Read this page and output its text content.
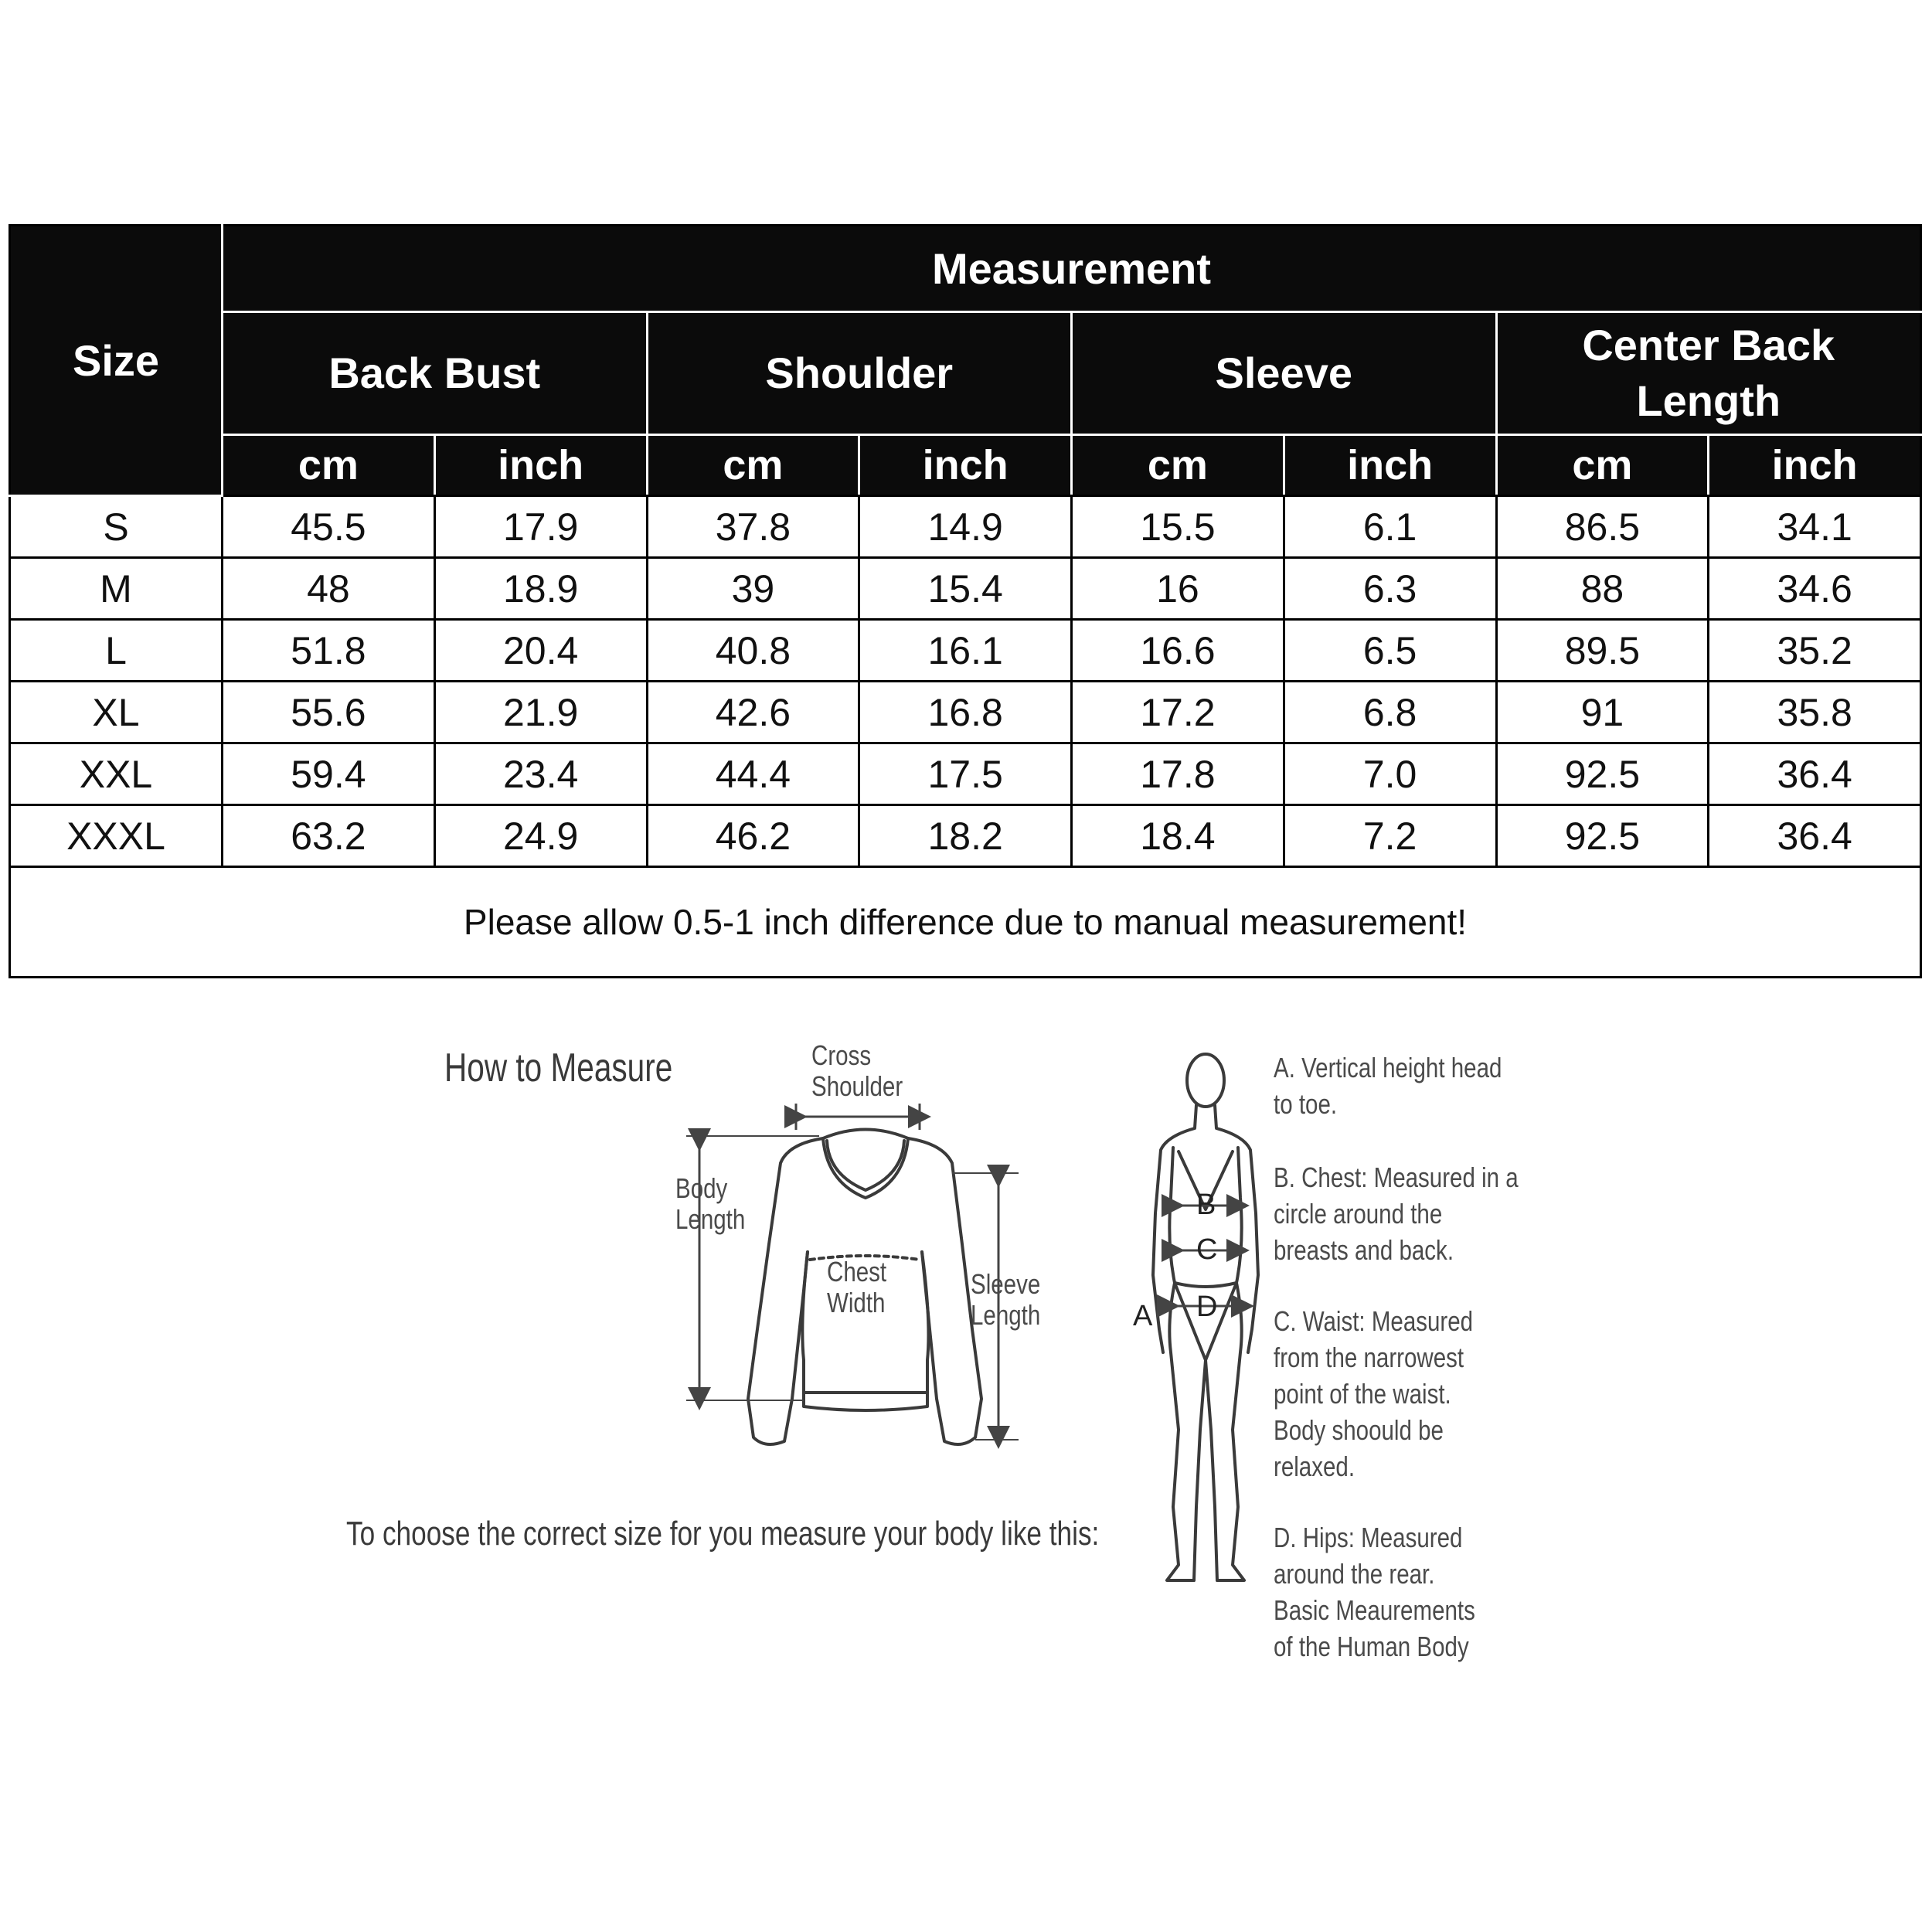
Size	Measurement							
	Back Bust		Shoulder		Sleeve		Center Back
Length	
	cm	inch	cm	inch	cm	inch	cm	inch
S	45.5	17.9	37.8	14.9	15.5	6.1	86.5	34.1
M	48	18.9	39	15.4	16	6.3	88	34.6
L	51.8	20.4	40.8	16.1	16.6	6.5	89.5	35.2
XL	55.6	21.9	42.6	16.8	17.2	6.8	91	35.8
XXL	59.4	23.4	44.4	17.5	17.8	7.0	92.5	36.4
XXXL	63.2	24.9	46.2	18.2	18.4	7.2	92.5	36.4
Please allow 0.5-1 inch difference due to manual measurement!								
How to Measure	Cross
Shoulder
Body
Length
Chest
Width
Sleeve
Length
To choose the correct size for you measure your body like this:
B
C
D
A
A. Vertical height head
to toe.
B. Chest: Measured in a
circle around the
breasts and back.
C. Waist: Measured
from the narrowest
point of the waist.
Body shoould be
relaxed.
D. Hips: Measured
around the rear.
Basic Meaurements
of the Human Body
